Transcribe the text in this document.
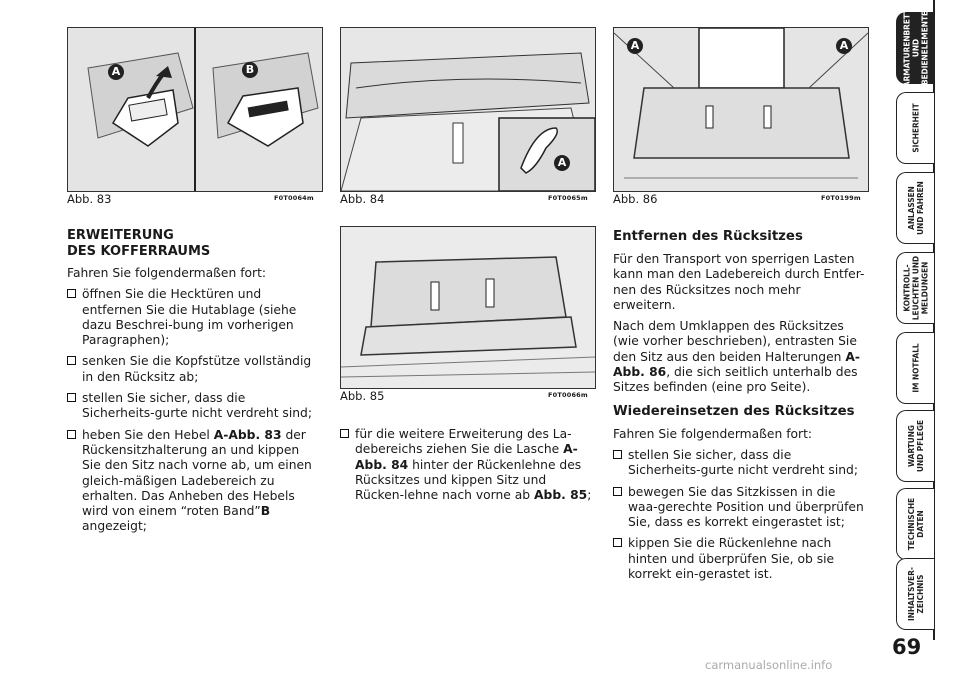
A	B
Abb. 83	F0T0064m
A
Abb. 84	F0T0065m
Abb. 85	F0T0066m
A	A
Abb. 86	F0T0199m
ERWEITERUNG
DES KOFFERRAUMS

Fahren Sie folgendermaßen fort:

öffnen Sie die Hecktüren und entfernen Sie die Hutablage (siehe dazu Beschrei-bung im vorherigen Paragraphen);
senken Sie die Kopfstütze vollständig in den Rücksitz ab;
stellen Sie sicher, dass die Sicherheits-gurte nicht verdreht sind;
heben Sie den Hebel A-Abb. 83 der Rückensitzhalterung an und kippen Sie den Sitz nach vorne ab, um einen gleich-mäßigen Ladebereich zu erhalten. Das Anheben des Hebels wird von einem “roten Band”B angezeigt;
für die weitere Erweiterung des La-debereichs ziehen Sie die Lasche A-Abb. 84 hinter der Rückenlehne des Rücksitzes und kippen Sitz und Rücken-lehne nach vorne ab Abb. 85;
Entfernen des Rücksitzes

Für den Transport von sperrigen Lasten kann man den Ladebereich durch Entfer-nen des Rücksitzes noch mehr erweitern.

Nach dem Umklappen des Rücksitzes (wie vorher beschrieben), entrasten Sie den Sitz aus den beiden Halterungen A-Abb. 86, die sich seitlich unterhalb des Sitzes befinden (eine pro Seite).

Wiedereinsetzen des Rücksitzes

Fahren Sie folgendermaßen fort:

stellen Sie sicher, dass die Sicherheits-gurte nicht verdreht sind;
bewegen Sie das Sitzkissen in die waa-gerechte Position und überprüfen Sie, dass es korrekt eingerastet ist;
kippen Sie die Rückenlehne nach hinten und überprüfen Sie, ob sie korrekt ein-gerastet ist.
ARMATURENBRETT
UND
BEDIENELEMENTE
SICHERHEIT
ANLASSEN
UND FAHREN
KONTROLL-
LEUCHTEN UND
MELDUNGEN
IM NOTFALL
WARTUNG
UND PFLEGE
TECHNISCHE
DATEN
INHALTSVER-
ZEICHNIS
69
carmanualsonline.info
